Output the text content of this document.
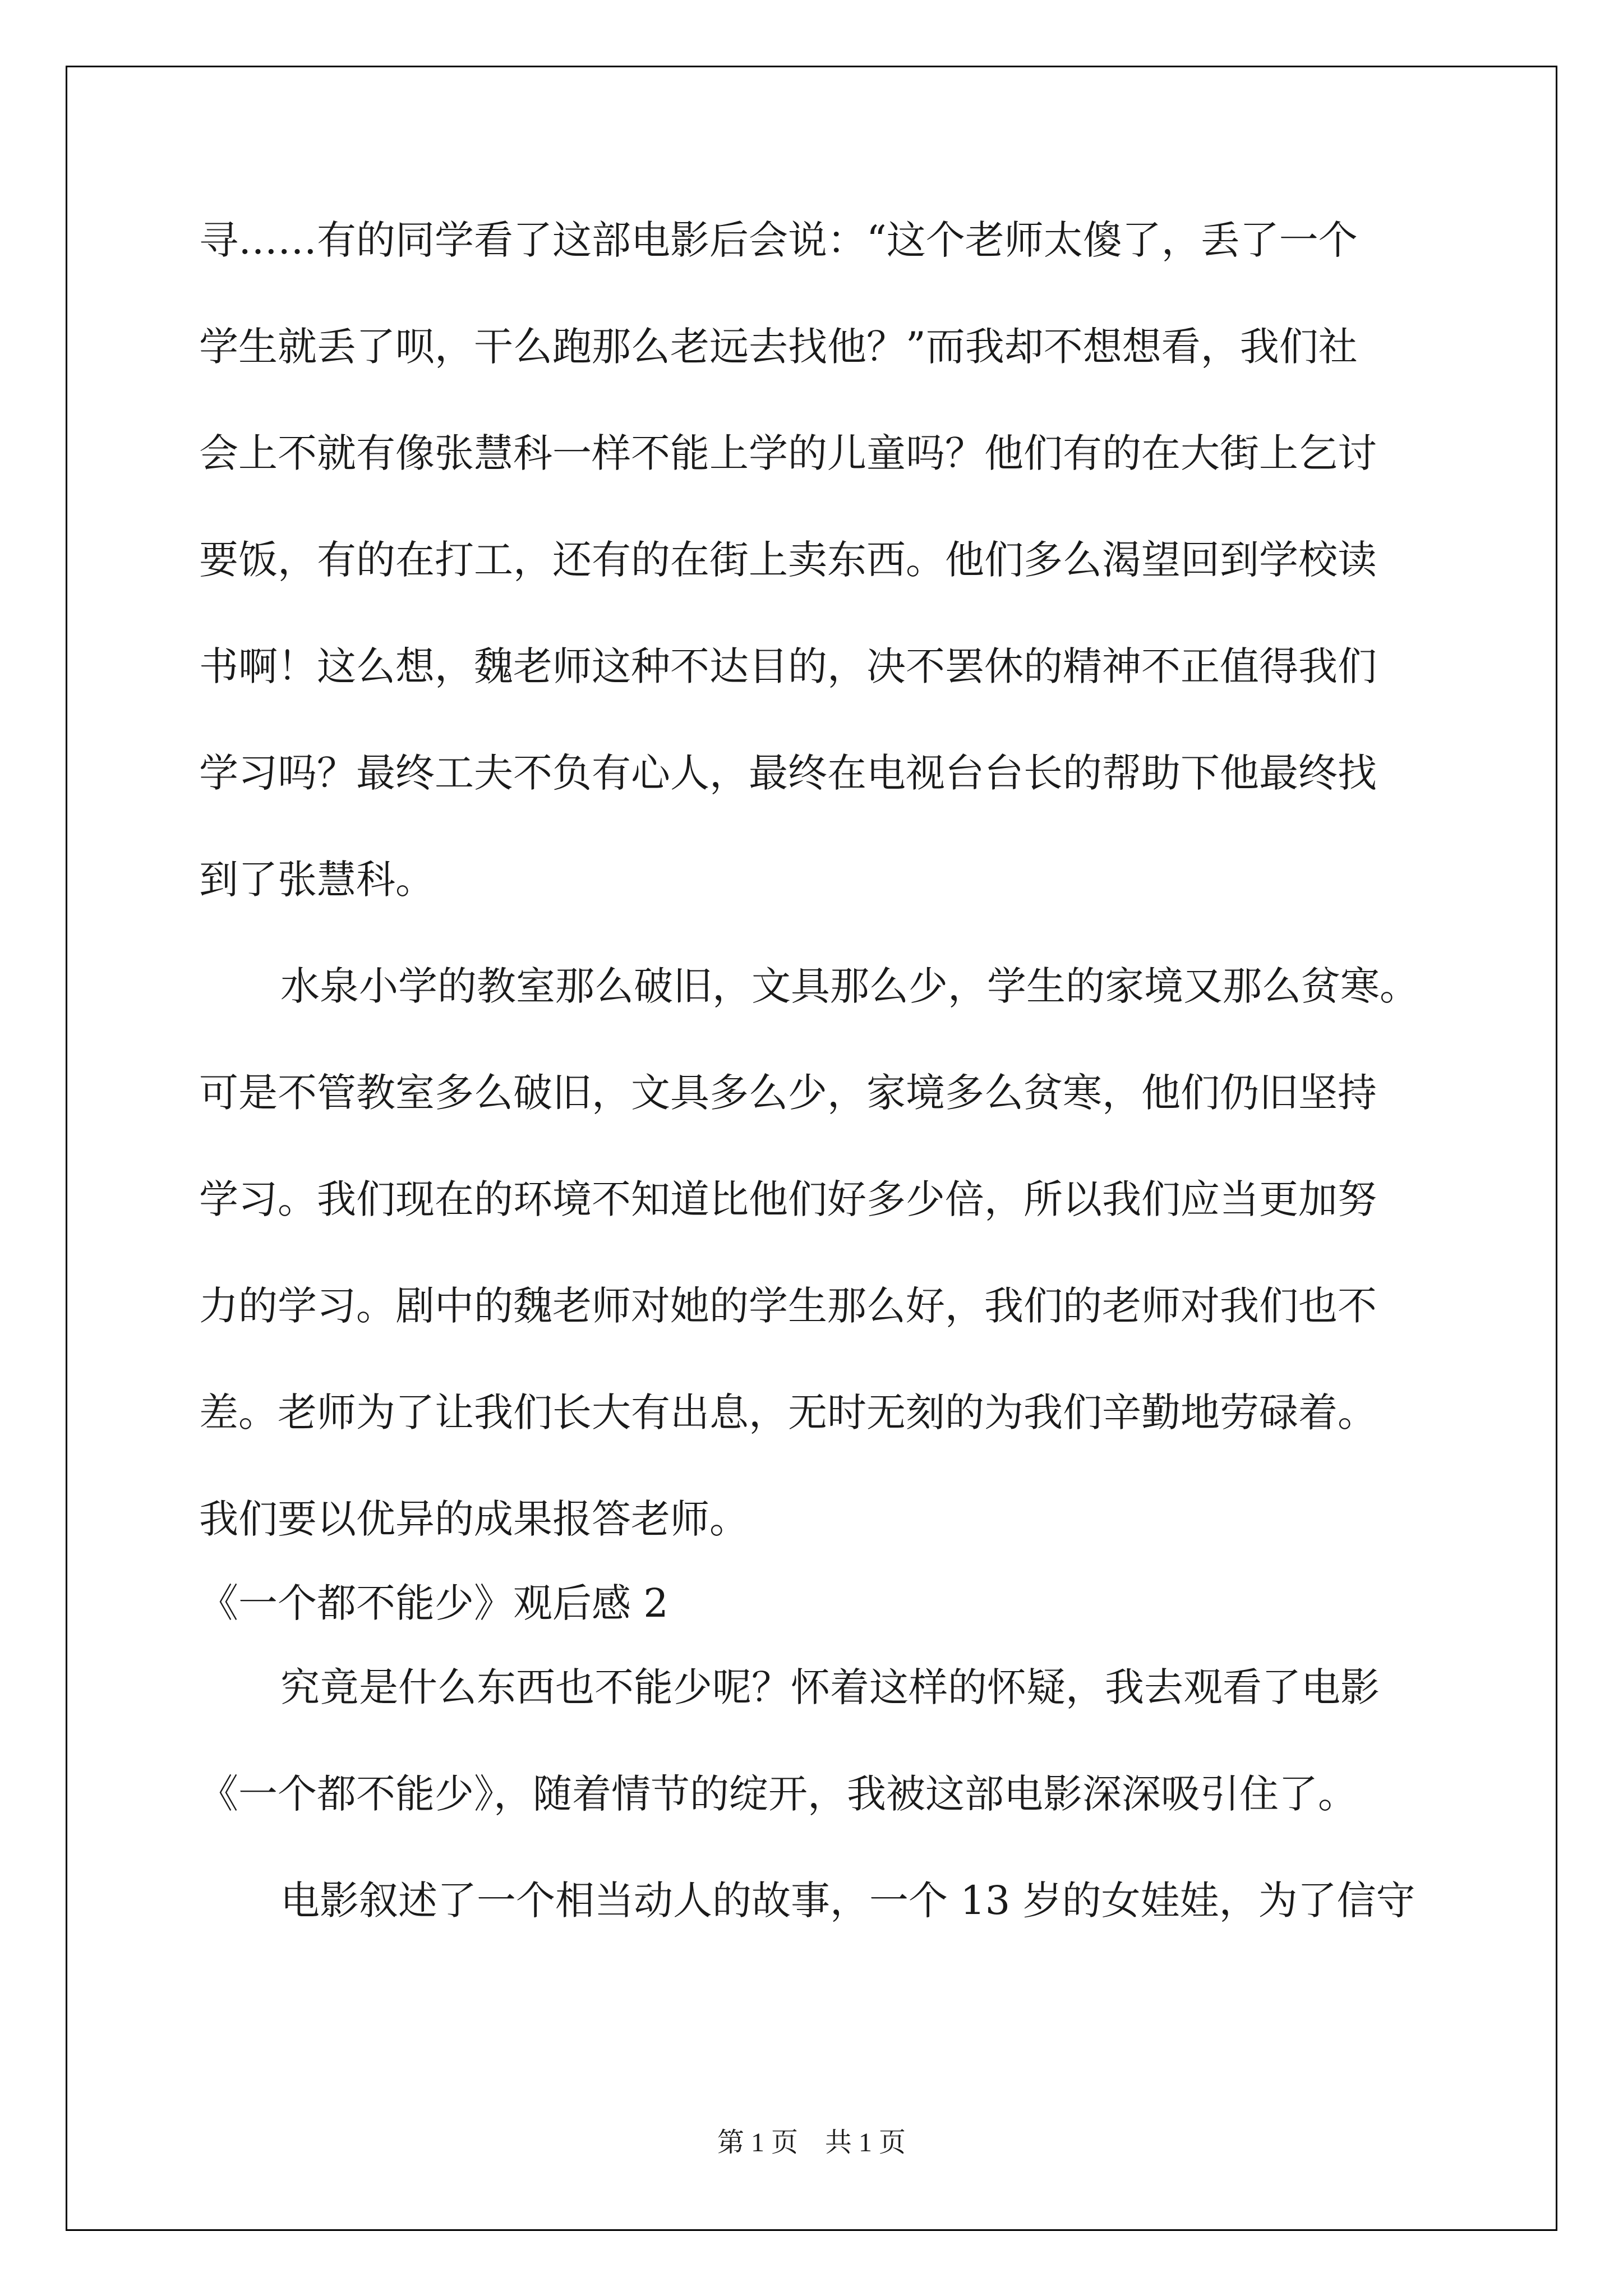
寻……有的同学看了这部电影后会说：“这个老师太傻了，丢了一个
学生就丢了呗，干么跑那么老远去找他？”而我却不想想看，我们社
会上不就有像张慧科一样不能上学的儿童吗？他们有的在大街上乞讨
要饭，有的在打工，还有的在街上卖东西。他们多么渴望回到学校读
书啊！这么想，魏老师这种不达目的，决不罢休的精神不正值得我们
学习吗？最终工夫不负有心人，最终在电视台台长的帮助下他最终找
到了张慧科。
水泉小学的教室那么破旧，文具那么少，学生的家境又那么贫寒。
可是不管教室多么破旧，文具多么少，家境多么贫寒，他们仍旧坚持
学习。我们现在的环境不知道比他们好多少倍，所以我们应当更加努
力的学习。剧中的魏老师对她的学生那么好，我们的老师对我们也不
差。老师为了让我们长大有出息，无时无刻的为我们辛勤地劳碌着。
我们要以优异的成果报答老师。
《一个都不能少》观后感 2
究竟是什么东西也不能少呢？怀着这样的怀疑，我去观看了电影
《一个都不能少》，随着情节的绽开，我被这部电影深深吸引住了。
电影叙述了一个相当动人的故事，一个 13 岁的女娃娃，为了信守
第 1 页　共 1 页
